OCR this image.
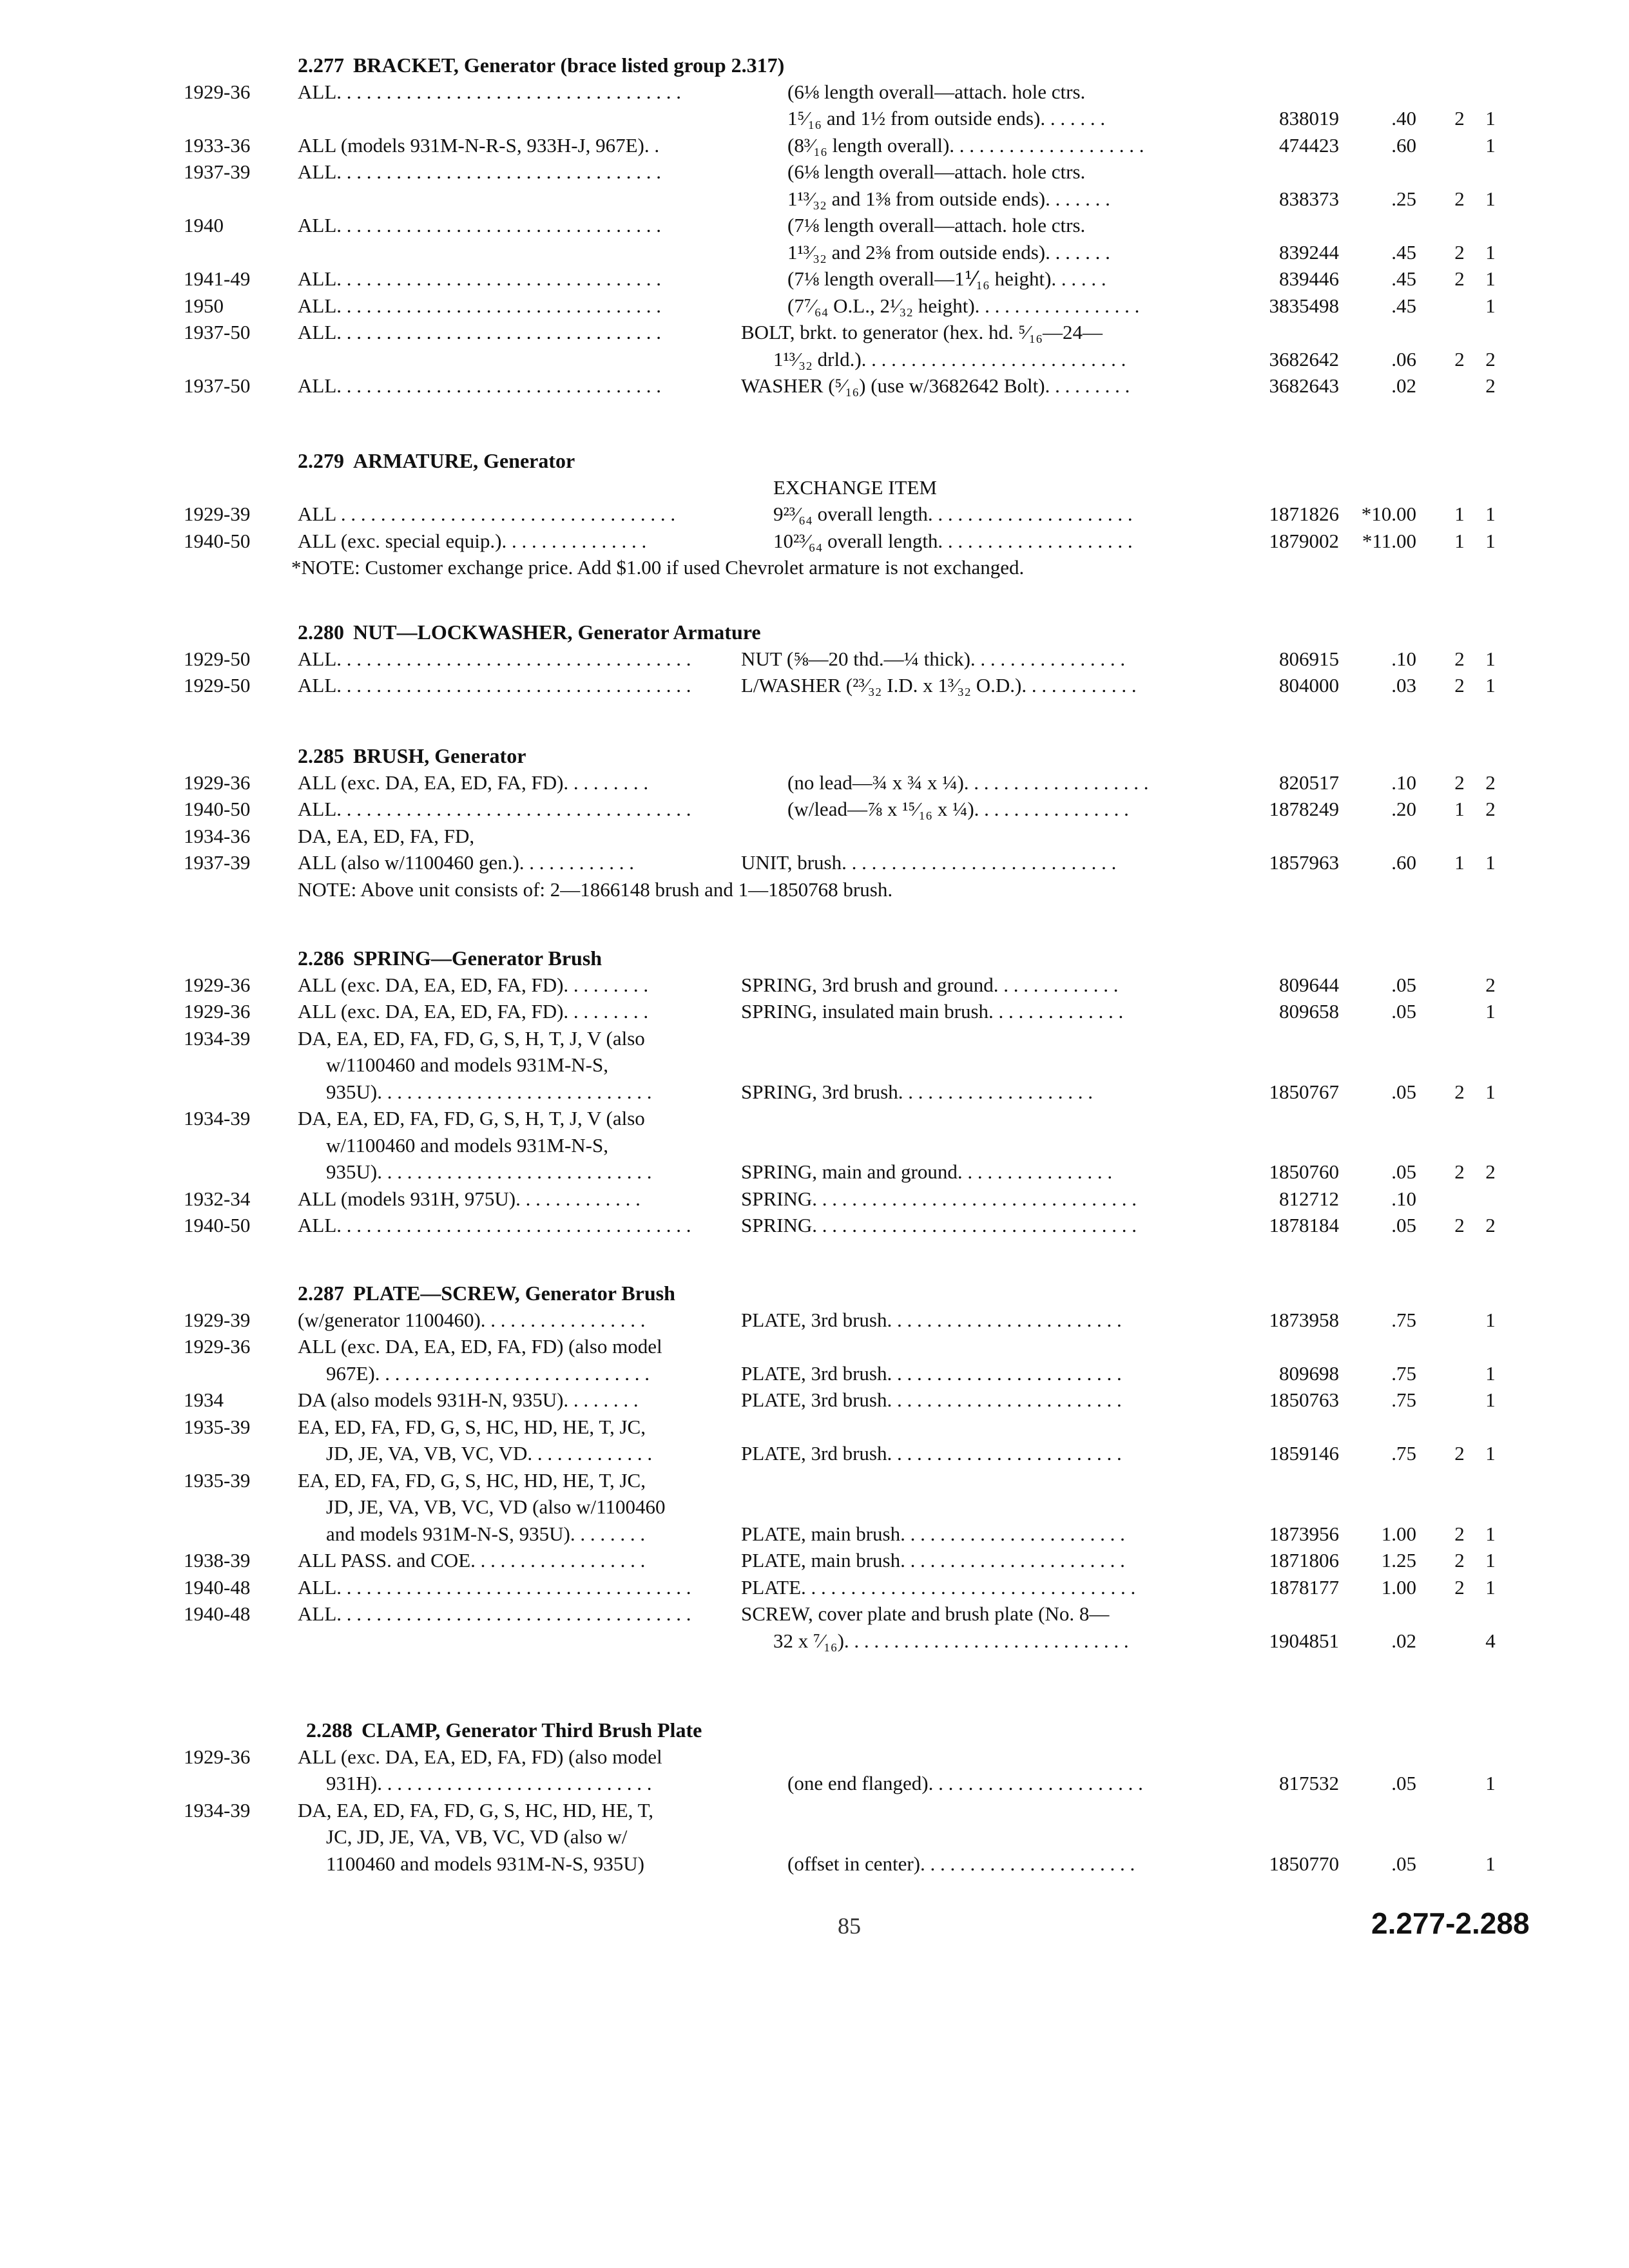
2.277 BRACKET, Generator (brace listed group 2.317)
1929-36 ALL. . . . . . . . . . . . . . . . . . . . . . . . . . . . . . . . . . .	(6⅛ length overall—attach. hole ctrs.
1⁵⁄₁₆ and 1½ from outside ends). . . . . . .	838019	.40 2	1
1933-36 ALL (models 931M-N-R-S, 933H-J, 967E). .	(8³⁄₁₆ length overall). . . . . . . . . . . . . . . . . . . .	474423	.60	1
1937-39 ALL. . . . . . . . . . . . . . . . . . . . . . . . . . . . . . . . .	(6⅛ length overall—attach. hole ctrs.
1¹³⁄₃₂ and 1⅜ from outside ends). . . . . . .	838373	.25 2	1
1940	ALL. . . . . . . . . . . . . . . . . . . . . . . . . . . . . . . . .	(7⅛ length overall—attach. hole ctrs.
1¹³⁄₃₂ and 2⅜ from outside ends). . . . . . .	839244	.45 2	1
1941-49 ALL. . . . . . . . . . . . . . . . . . . . . . . . . . . . . . . . .	(7⅛ length overall—1⅟₁₆ height). . . . . .	839446	.45 2	1
1950	ALL. . . . . . . . . . . . . . . . . . . . . . . . . . . . . . . . .	(7⁷⁄₆₄ O.L., 2¹⁄₃₂ height). . . . . . . . . . . . . . . . .	3835498	.45	1
1937-50 ALL. . . . . . . . . . . . . . . . . . . . . . . . . . . . . . . . .	BOLT, brkt. to generator (hex. hd. ⁵⁄₁₆—24—
1¹³⁄₃₂ drld.). . . . . . . . . . . . . . . . . . . . . . . . . . .	3682642	.06 2	2
1937-50 ALL. . . . . . . . . . . . . . . . . . . . . . . . . . . . . . . . .	WASHER (⁵⁄₁₆) (use w/3682642 Bolt). . . . . . . . .	3682643	.02	2
2.279 ARMATURE, Generator
EXCHANGE ITEM
1929-39 ALL . . . . . . . . . . . . . . . . . . . . . . . . . . . . . . . . . .	9²³⁄₆₄ overall length. . . . . . . . . . . . . . . . . . . . .	1871826 *10.00 1	1
1940-50 ALL (exc. special equip.). . . . . . . . . . . . . . .	10²³⁄₆₄ overall length. . . . . . . . . . . . . . . . . . . .	1879002 *11.00 1	1
*NOTE: Customer exchange price. Add $1.00 if used Chevrolet armature is not exchanged.
2.280 NUT—LOCKWASHER, Generator Armature
1929-50 ALL. . . . . . . . . . . . . . . . . . . . . . . . . . . . . . . . . . . . NUT (⅝—20 thd.—¼ thick). . . . . . . . . . . . . . . .	806915	.10 2	1
1929-50 ALL. . . . . . . . . . . . . . . . . . . . . . . . . . . . . . . . . . . . L/WASHER (²³⁄₃₂ I.D. x 1³⁄₃₂ O.D.). . . . . . . . . . . .	804000	.03 2	1
2.285 BRUSH, Generator
1929-36 ALL (exc. DA, EA, ED, FA, FD). . . . . . . . .	(no lead—¾ x ¾ x ¼). . . . . . . . . . . . . . . . . . .	820517	.10 2	2
1940-50 ALL. . . . . . . . . . . . . . . . . . . . . . . . . . . . . . . . . . . .	(w/lead—⅞ x ¹⁵⁄₁₆ x ¼). . . . . . . . . . . . . . . .	1878249	.20 1	2
1934-36 DA, EA, ED, FA, FD,
1937-39 ALL (also w/1100460 gen.). . . . . . . . . . . .	UNIT, brush. . . . . . . . . . . . . . . . . . . . . . . . . . . .	1857963	.60 1	1
NOTE: Above unit consists of: 2—1866148 brush and 1—1850768 brush.
2.286 SPRING—Generator Brush
1929-36 ALL (exc. DA, EA, ED, FA, FD). . . . . . . . .	SPRING, 3rd brush and ground. . . . . . . . . . . . .	809644	.05	2
1929-36 ALL (exc. DA, EA, ED, FA, FD). . . . . . . . .	SPRING, insulated main brush. . . . . . . . . . . . . .	809658	.05	1
1934-39 DA, EA, ED, FA, FD, G, S, H, T, J, V (also
w/1100460 and models 931M-N-S,
935U). . . . . . . . . . . . . . . . . . . . . . . . . . . .	SPRING, 3rd brush. . . . . . . . . . . . . . . . . . . .	1850767	.05 2	1
1934-39 DA, EA, ED, FA, FD, G, S, H, T, J, V (also
w/1100460 and models 931M-N-S,
935U). . . . . . . . . . . . . . . . . . . . . . . . . . . .	SPRING, main and ground. . . . . . . . . . . . . . . .	1850760	.05 2	2
1932-34 ALL (models 931H, 975U). . . . . . . . . . . . .	SPRING. . . . . . . . . . . . . . . . . . . . . . . . . . . . . . . . .	812712	.10
1940-50 ALL. . . . . . . . . . . . . . . . . . . . . . . . . . . . . . . . . . . . SPRING. . . . . . . . . . . . . . . . . . . . . . . . . . . . . . . . .	1878184	.05 2	2
2.287 PLATE—SCREW, Generator Brush
1929-39 (w/generator 1100460). . . . . . . . . . . . . . . . .	PLATE, 3rd brush. . . . . . . . . . . . . . . . . . . . . . . .	1873958	.75	1
1929-36 ALL (exc. DA, EA, ED, FA, FD) (also model
967E). . . . . . . . . . . . . . . . . . . . . . . . . . . .	PLATE, 3rd brush. . . . . . . . . . . . . . . . . . . . . . . .	809698	.75	1
1934	DA (also models 931H-N, 935U). . . . . . . .	PLATE, 3rd brush. . . . . . . . . . . . . . . . . . . . . . . .	1850763	.75	1
1935-39 EA, ED, FA, FD, G, S, HC, HD, HE, T, JC,
JD, JE, VA, VB, VC, VD. . . . . . . . . . . . .	PLATE, 3rd brush. . . . . . . . . . . . . . . . . . . . . . . .	1859146	.75 2	1
1935-39 EA, ED, FA, FD, G, S, HC, HD, HE, T, JC,
JD, JE, VA, VB, VC, VD (also w/1100460
and models 931M-N-S, 935U). . . . . . . .	PLATE, main brush. . . . . . . . . . . . . . . . . . . . . . .	1873956 1.00 2	1
1938-39 ALL PASS. and COE. . . . . . . . . . . . . . . . . .	PLATE, main brush. . . . . . . . . . . . . . . . . . . . . . .	1871806 1.25 2	1
1940-48 ALL. . . . . . . . . . . . . . . . . . . . . . . . . . . . . . . . . . . . PLATE. . . . . . . . . . . . . . . . . . . . . . . . . . . . . . . . . .	1878177 1.00 2	1
1940-48 ALL. . . . . . . . . . . . . . . . . . . . . . . . . . . . . . . . . . . . SCREW, cover plate and brush plate (No. 8—
32 x ⁷⁄₁₆). . . . . . . . . . . . . . . . . . . . . . . . . . . . .	1904851	.02	4
2.288 CLAMP, Generator Third Brush Plate
1929-36 ALL (exc. DA, EA, ED, FA, FD) (also model
931H). . . . . . . . . . . . . . . . . . . . . . . . . . . .	(one end flanged). . . . . . . . . . . . . . . . . . . . . .	817532	.05	1
1934-39 DA, EA, ED, FA, FD, G, S, HC, HD, HE, T,
JC, JD, JE, VA, VB, VC, VD (also w/
1100460 and models 931M-N-S, 935U)	(offset in center). . . . . . . . . . . . . . . . . . . . . .	1850770	.05	1
85	2.277-2.288
